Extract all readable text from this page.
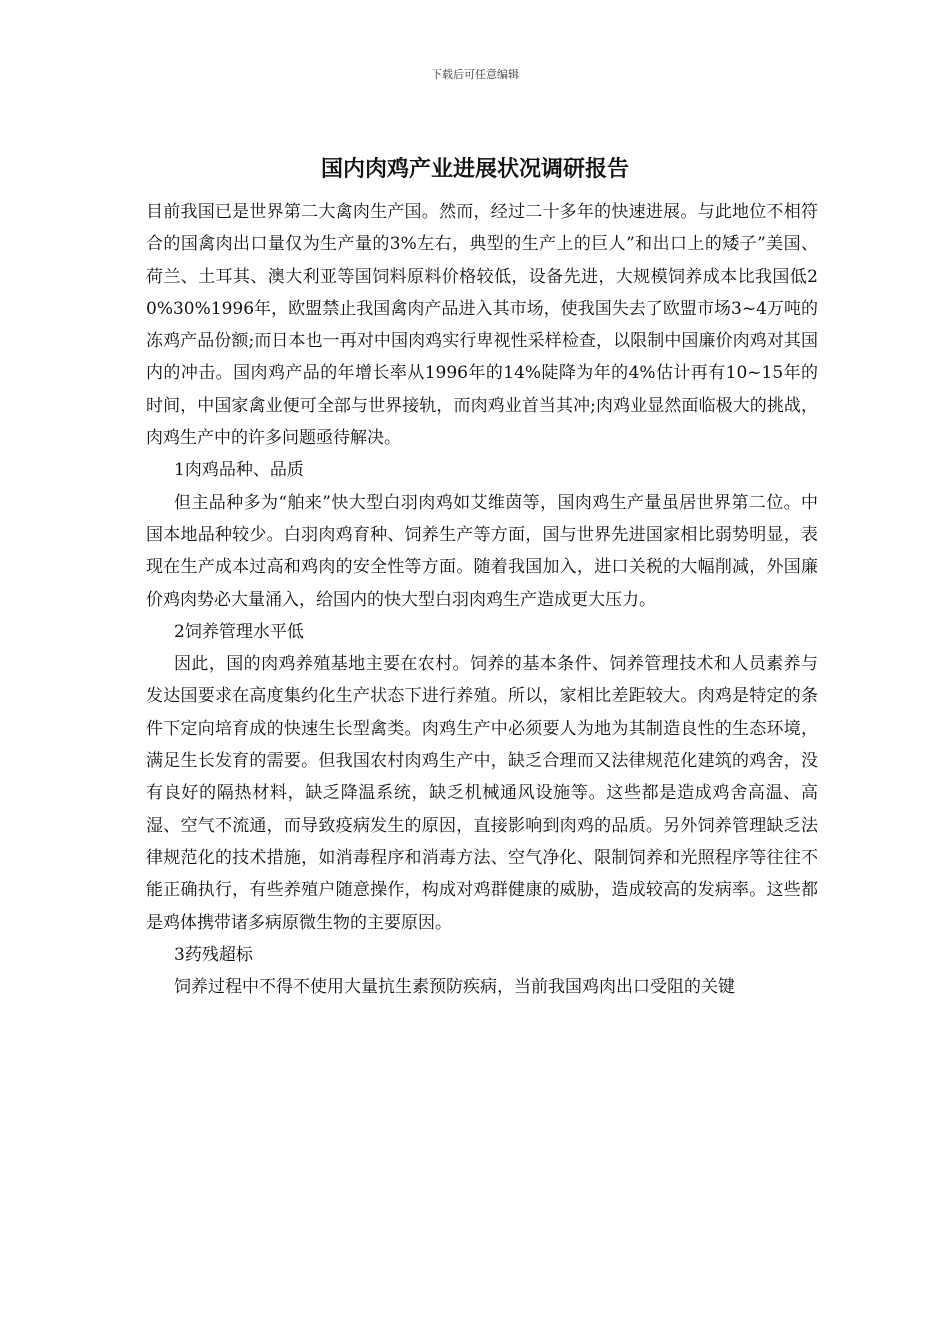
下载后可任意编辑
国内肉鸡产业进展状况调研报告

目前我国已是世界第二大禽肉生产国。然而，经过二十多年的快速进展。与此地位不相符合的国禽肉出口量仅为生产量的3%左右，典型的生产上的巨人”和出口上的矮子”美国、荷兰、土耳其、澳大利亚等国饲料原料价格较低，设备先进，大规模饲养成本比我国低20%30%1996年，欧盟禁止我国禽肉产品进入其市场，使我国失去了欧盟市场3~4万吨的冻鸡产品份额;而日本也一再对中国肉鸡实行卑视性采样检查，以限制中国廉价肉鸡对其国内的冲击。国肉鸡产品的年增长率从1996年的14%陡降为年的4%估计再有10~15年的时间，中国家禽业便可全部与世界接轨，而肉鸡业首当其冲;肉鸡业显然面临极大的挑战，肉鸡生产中的许多问题亟待解决。

1肉鸡品种、品质

但主品种多为“舶来”快大型白羽肉鸡如艾维茵等，国肉鸡生产量虽居世界第二位。中国本地品种较少。白羽肉鸡育种、饲养生产等方面，国与世界先进国家相比弱势明显，表现在生产成本过高和鸡肉的安全性等方面。随着我国加入，进口关税的大幅削减，外国廉价鸡肉势必大量涌入，给国内的快大型白羽肉鸡生产造成更大压力。

2饲养管理水平低

因此，国的肉鸡养殖基地主要在农村。饲养的基本条件、饲养管理技术和人员素养与发达国要求在高度集约化生产状态下进行养殖。所以，家相比差距较大。肉鸡是特定的条件下定向培育成的快速生长型禽类。肉鸡生产中必须要人为地为其制造良性的生态环境，满足生长发育的需要。但我国农村肉鸡生产中，缺乏合理而又法律规范化建筑的鸡舍，没有良好的隔热材料，缺乏降温系统，缺乏机械通风设施等。这些都是造成鸡舍高温、高湿、空气不流通，而导致疫病发生的原因，直接影响到肉鸡的品质。另外饲养管理缺乏法律规范化的技术措施，如消毒程序和消毒方法、空气净化、限制饲养和光照程序等往往不能正确执行，有些养殖户随意操作，构成对鸡群健康的威胁，造成较高的发病率。这些都是鸡体携带诸多病原微生物的主要原因。

3药残超标

饲养过程中不得不使用大量抗生素预防疾病，当前我国鸡肉出口受阻的关键
